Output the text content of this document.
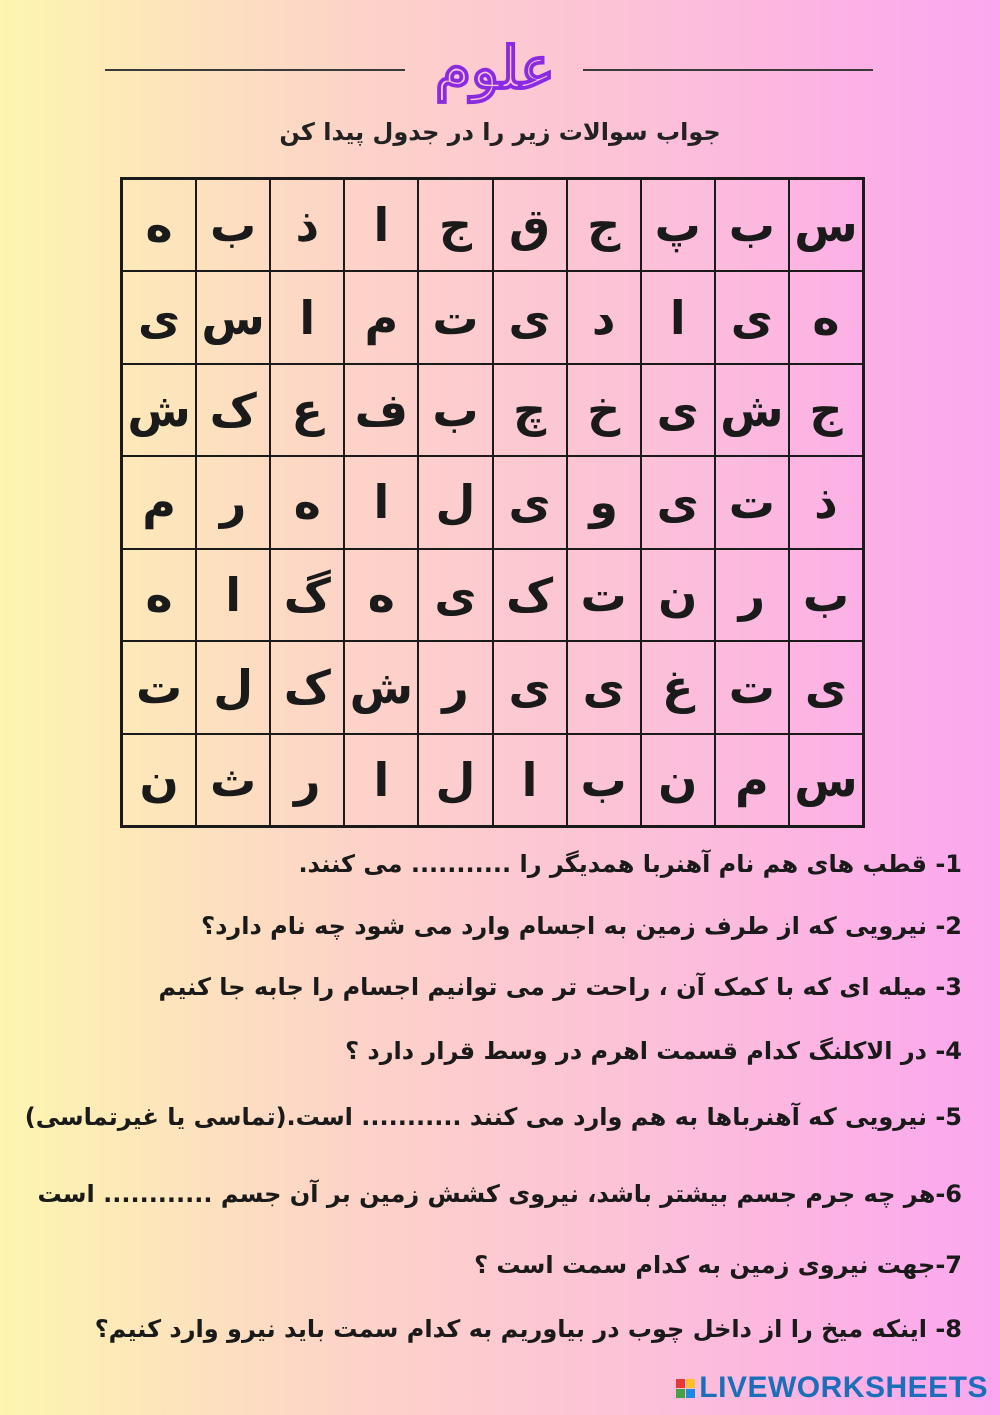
علوم
جواب سوالات زیر را در جدول پیدا کن
س
ب
پ
ج
ق
ج
ا
ذ
ب
ه
ه
ی
ا
د
ی
ت
م
ا
س
ی
ج
ش
ی
خ
چ
ب
ف
ع
ک
ش
ذ
ت
ی
و
ی
ل
ا
ه
ر
م
ب
ر
ن
ت
ک
ی
ه
گ
ا
ه
ی
ت
غ
ی
ی
ر
ش
ک
ل
ت
س
م
ن
ب
ا
ل
ا
ر
ث
ن
1- قطب های هم نام آهنربا همدیگر را ........... می کنند.
2- نیرویی که از طرف زمین به اجسام وارد می شود چه نام دارد؟
3- میله ای که با کمک آن ، راحت تر می توانیم اجسام را جابه جا کنیم
4- در الاکلنگ کدام قسمت اهرم در وسط قرار دارد ؟
5- نیرویی که آهنرباها به هم وارد می کنند ........... است.(تماسی یا غیرتماسی)
6-هر چه جرم جسم بیشتر باشد، نیروی کشش زمین بر آن جسم ............ است
7-جهت نیروی زمین به کدام سمت است ؟
8- اینکه میخ را از داخل چوب در بیاوریم به کدام سمت باید نیرو وارد کنیم؟
LIVEWORKSHEETS
